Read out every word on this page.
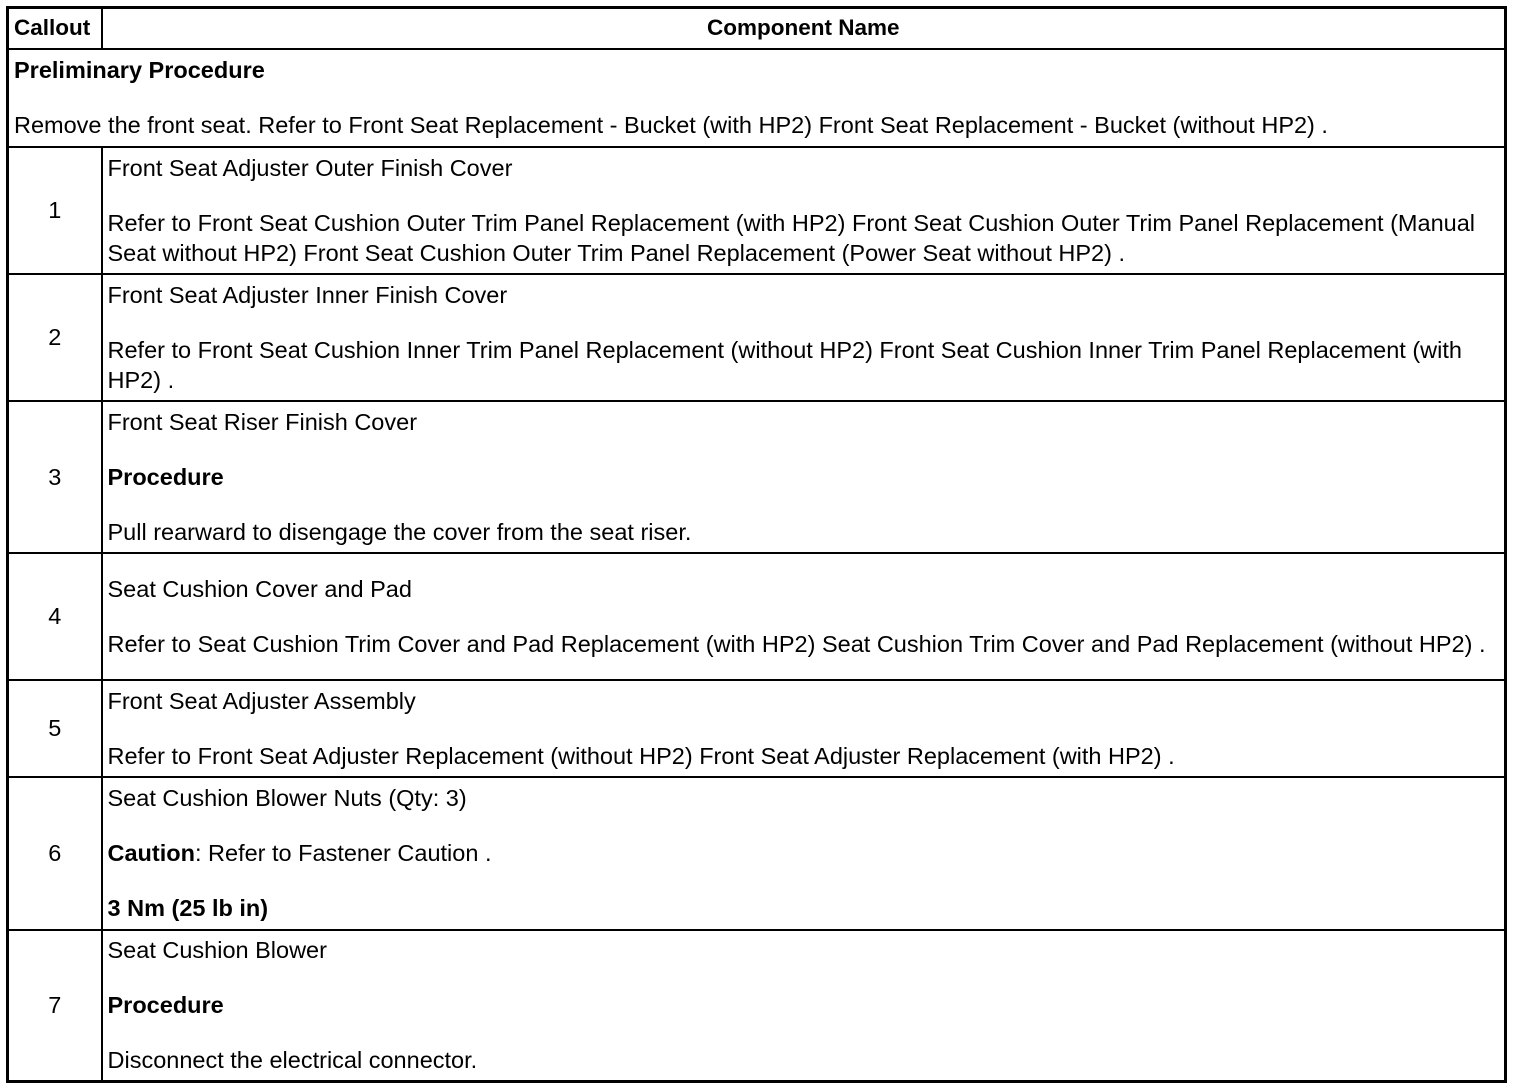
Callout	Component Name

Preliminary Procedure

Remove the front seat. Refer to Front Seat Replacement - Bucket (with HP2) Front Seat Replacement - Bucket (without HP2) .	

1	Front Seat Adjuster Outer Finish Cover

Refer to Front Seat Cushion Outer Trim Panel Replacement (with HP2) Front Seat Cushion Outer Trim Panel Replacement (Manual Seat without HP2) Front Seat Cushion Outer Trim Panel Replacement (Power Seat without HP2) .

2	Front Seat Adjuster Inner Finish Cover

Refer to Front Seat Cushion Inner Trim Panel Replacement (without HP2) Front Seat Cushion Inner Trim Panel Replacement (with HP2) .

3	Front Seat Riser Finish Cover

Procedure

Pull rearward to disengage the cover from the seat riser.

4	Seat Cushion Cover and Pad

Refer to Seat Cushion Trim Cover and Pad Replacement (with HP2) Seat Cushion Trim Cover and Pad Replacement (without HP2) .

5	Front Seat Adjuster Assembly

Refer to Front Seat Adjuster Replacement (without HP2) Front Seat Adjuster Replacement (with HP2) .

6	Seat Cushion Blower Nuts (Qty: 3)

Caution: Refer to Fastener Caution .

3 Nm (25 lb in)

7	Seat Cushion Blower

Procedure

Disconnect the electrical connector.
